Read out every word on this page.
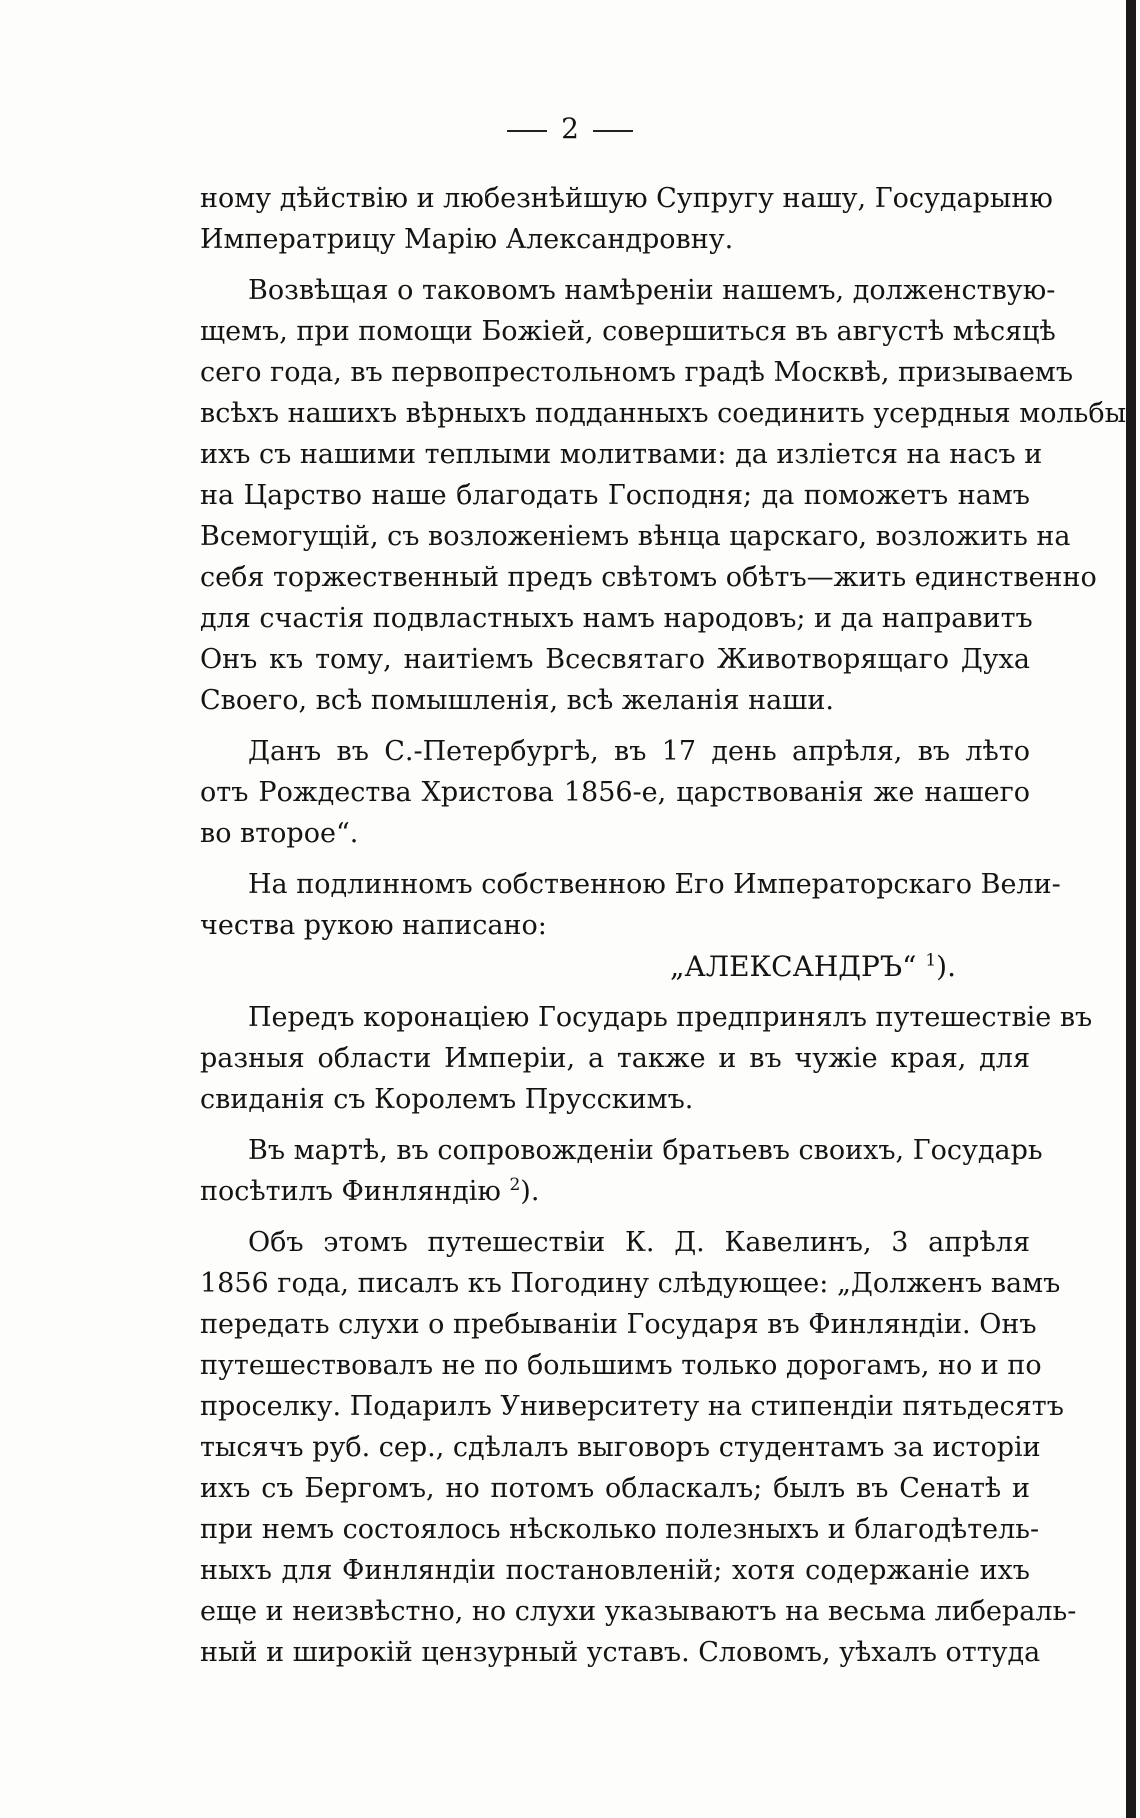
2
ному дѣйствію и любезнѣйшую Супругу нашу, Государыню
Императрицу Марію Александровну.
Возвѣщая о таковомъ намѣреніи нашемъ, долженствую-
щемъ, при помощи Божіей, совершиться въ августѣ мѣсяцѣ
сего года, въ первопрестольномъ градѣ Москвѣ, призываемъ
всѣхъ нашихъ вѣрныхъ подданныхъ соединить усердныя мольбы
ихъ съ нашими теплыми молитвами: да изліется на насъ и
на Царство наше благодать Господня; да поможетъ намъ
Всемогущій, съ возложеніемъ вѣнца царскаго, возложить на
себя торжественный предъ свѣтомъ обѣтъ—жить единственно
для счастія подвластныхъ намъ народовъ; и да направитъ
Онъ къ тому, наитіемъ Всесвятаго Животворящаго Духа
Своего, всѣ помышленія, всѣ желанія наши.
Данъ въ С.-Петербургѣ, въ 17 день апрѣля, въ лѣто
отъ Рождества Христова 1856-е, царствованія же нашего
во второе“.
На подлинномъ собственною Его Императорскаго Вели-
чества рукою написано:
„АЛЕКСАНДРЪ“ $^1$).
Передъ коронаціею Государь предпринялъ путешествіе въ
разныя области Имперіи, а также и въ чужіе края, для
свиданія съ Королемъ Прусскимъ.
Въ мартѣ, въ сопровожденіи братьевъ своихъ, Государь
посѣтилъ Финляндію $^2$).
Объ этомъ путешествіи К. Д. Кавелинъ, 3 апрѣля
1856 года, писалъ къ Погодину слѣдующее: „Долженъ вамъ
передать слухи о пребываніи Государя въ Финляндіи. Онъ
путешествовалъ не по большимъ только дорогамъ, но и по
проселку. Подарилъ Университету на стипендіи пятьдесятъ
тысячъ руб. сер., сдѣлалъ выговоръ студентамъ за исторіи
ихъ съ Бергомъ, но потомъ обласкалъ; былъ въ Сенатѣ и
при немъ состоялось нѣсколько полезныхъ и благодѣтель-
ныхъ для Финляндіи постановленій; хотя содержаніе ихъ
еще и неизвѣстно, но слухи указываютъ на весьма либераль-
ный и широкій цензурный уставъ. Словомъ, уѣхалъ оттуда
